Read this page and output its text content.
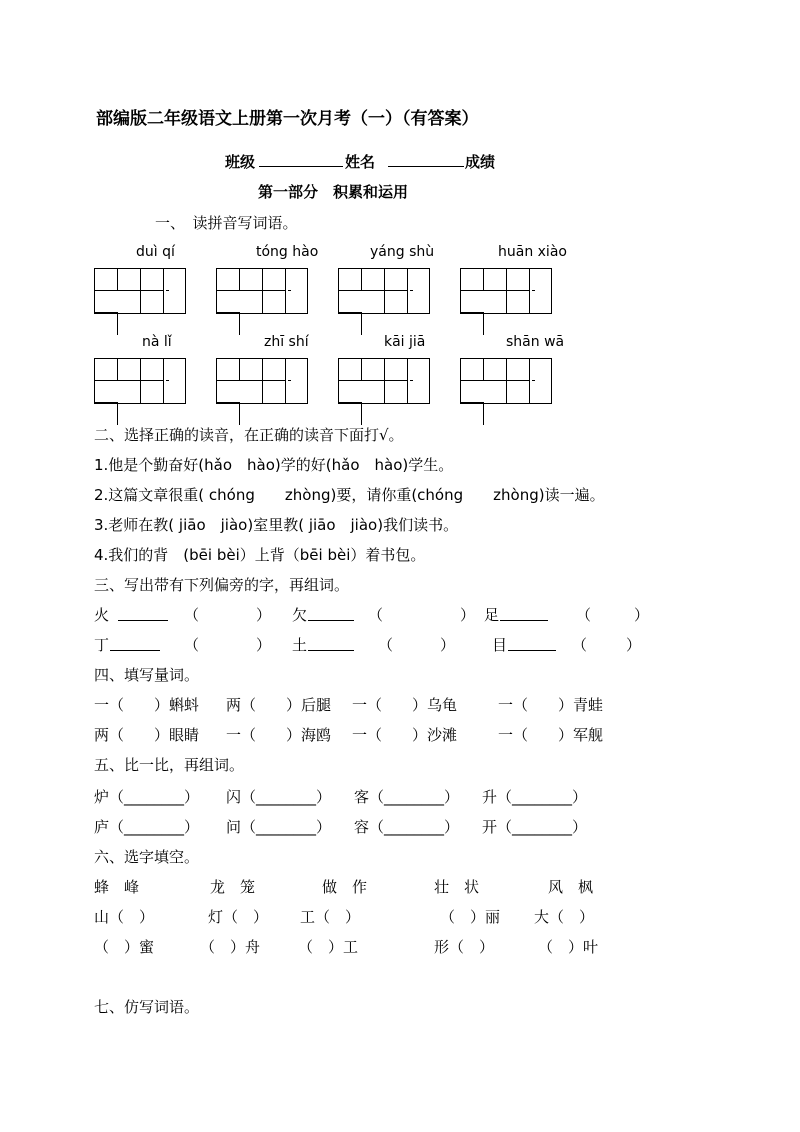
部编版二年级语文上册第一次月考（一）（有答案）
班级	姓名	成绩
第一部分　积累和运用
一、　读拼音写词语。
duì qí	tóng hào	yáng shù	huān xiào
nà lǐ	zhī shí	kāi jiā	shān wā
二、选择正确的读音，在正确的读音下面打√。
1.他是个勤奋好(hǎo　hào)学的好(hǎo　hào)学生。
2.这篇文章很重( chóng　　zhòng)要，请你重(chóng　　zhòng)读一遍。
3.老师在教( jiāo　jiào)室里教( jiāo　jiào)我们读书。
4.我们的背　(bēi bèi）上背（bēi bèi）着书包。
三、写出带有下列偏旁的字，再组词。
火	（	） 欠	（	） 足	（	）
丁	（	） 土	（	） 目	（	）
四、填写量词。
一（　　）蝌蚪 两（　　）后腿 一（　　）乌龟	一（　　）青蛙
两（　　）眼睛 一（　　）海鸥 一（　　）沙滩	一（　　）军舰
五、比一比，再组词。
炉（________） 闪（________） 客（________） 升（________）
庐（________） 问（________） 容（________） 开（________）
六、选字填空。
蜂　峰	龙　笼	做　作	壮　状	风　枫
山（　）	灯（　） 工（　）	（　）丽 大（　）
（　）蜜	（　）舟	（　）工	形（　）	（　）叶
七、仿写词语。
